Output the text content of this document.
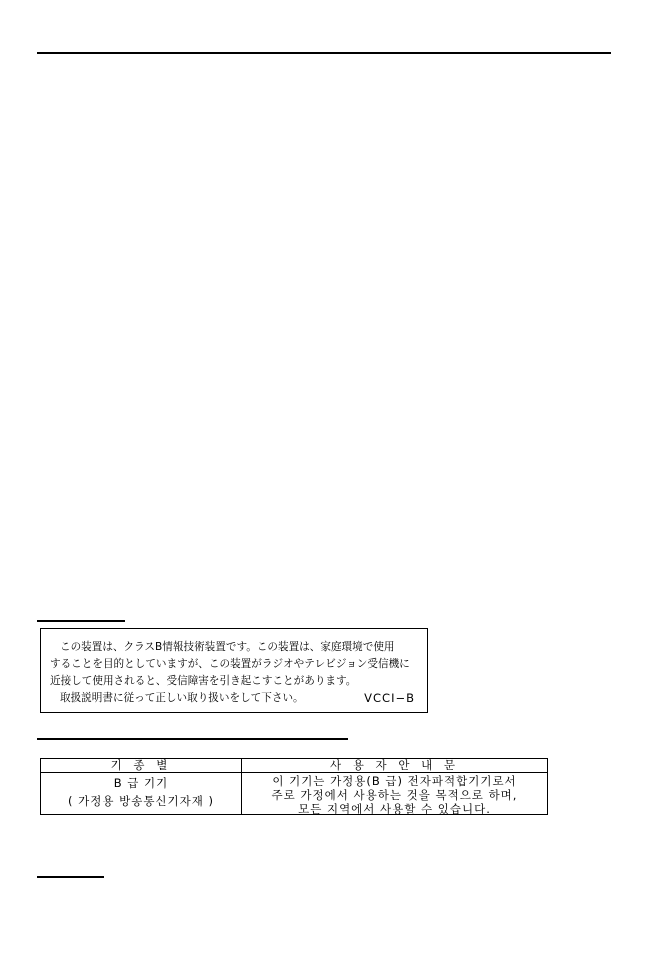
この装置は、クラスB情報技術装置です。この装置は、家庭環境で使用
することを目的としていますが、この装置がラジオやテレビジョン受信機に
近接して使用されると、受信障害を引き起こすことがあります。
取扱説明書に従って正しい取り扱いをして下さい。	VCCI−B
기 종 별	사 용 자 안 내 문
B 급 기기
( 가정용 방송통신기자재 )
이 기기는 가정용(B 급) 전자파적합기기로서
주로 가정에서 사용하는 것을 목적으로 하며,
모든 지역에서 사용할 수 있습니다.
